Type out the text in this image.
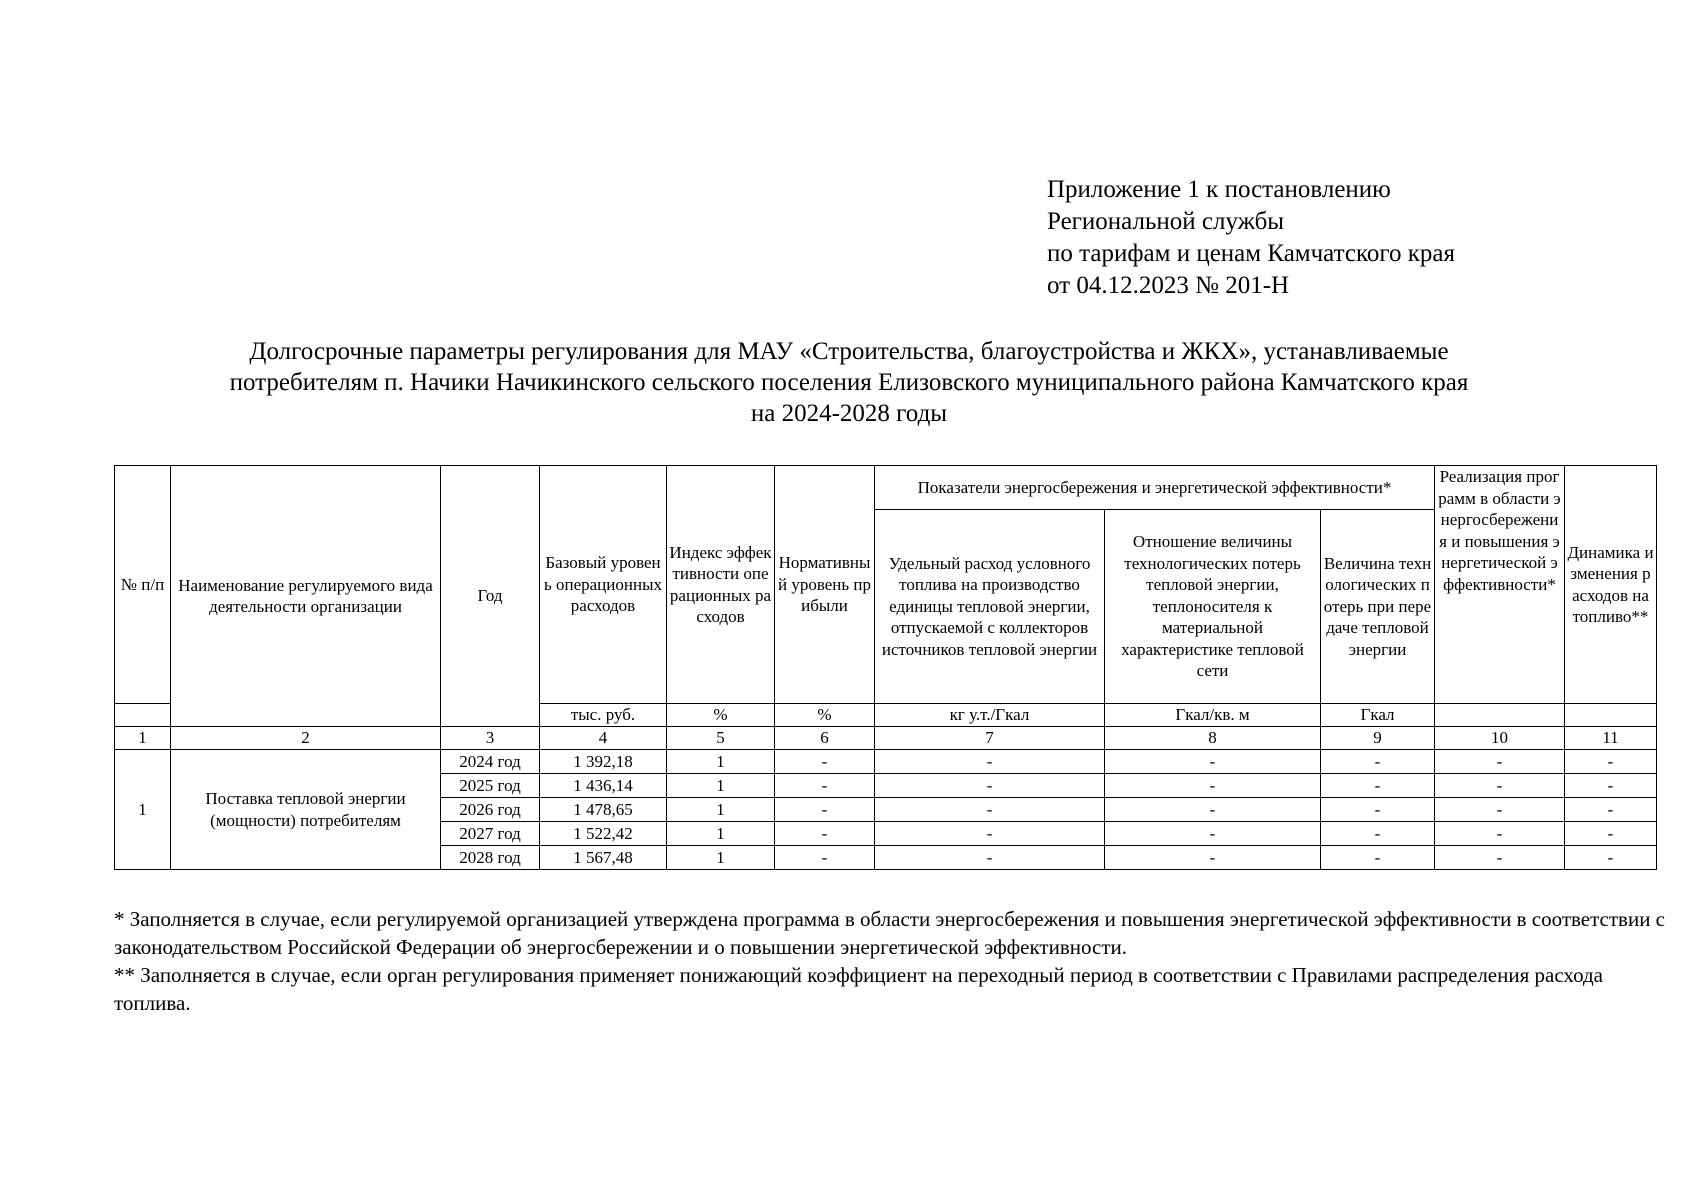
Приложение 1 к постановлению
Региональной службы
по тарифам и ценам Камчатского края
от 04.12.2023 № 201-Н
Долгосрочные параметры регулирования для МАУ «Строительства, благоустройства и ЖКХ», устанавливаемые
потребителям п. Начики Начикинского сельского поселения Елизовского муниципального района Камчатского края
на 2024-2028 годы
№ п/п	Наименование регулируемого вида деятельности организации	Год	Базовый уровень операционных расходов	Индекс эффективности операционных расходов	Нормативный уровень прибыли	Показатели энергосбережения и энергетической эффективности*			Реализация программ в области энергосбережения и повышения энергетической эффективности*	Динамика изменения расходов на топливо**
						Удельный расход условного топлива на производство единицы тепловой энергии, отпускаемой с коллекторов источников тепловой энергии	Отношение величины технологических потерь тепловой энергии, теплоносителя к материальной характеристике тепловой сети	Величина технологических потерь при передаче тепловой энергии		
			тыс. руб.	%	%	кг у.т./Гкал	Гкал/кв. м	Гкал		
1	2	3	4	5	6	7	8	9	10	11
1	Поставка тепловой энергии (мощности) потребителям	2024 год	1 392,18	1	-	-	-	-	-	-
		2025 год	1 436,14	1	-	-	-	-	-	-
		2026 год	1 478,65	1	-	-	-	-	-	-
		2027 год	1 522,42	1	-	-	-	-	-	-
		2028 год	1 567,48	1	-	-	-	-	-	-

* Заполняется в случае, если регулируемой организацией утверждена программа в области энергосбережения и повышения энергетической эффективности в соответствии с законодательством Российской Федерации об энергосбережении и о повышении энергетической эффективности.

** Заполняется в случае, если орган регулирования применяет понижающий коэффициент на переходный период в соответствии с Правилами распределения расхода топлива.
